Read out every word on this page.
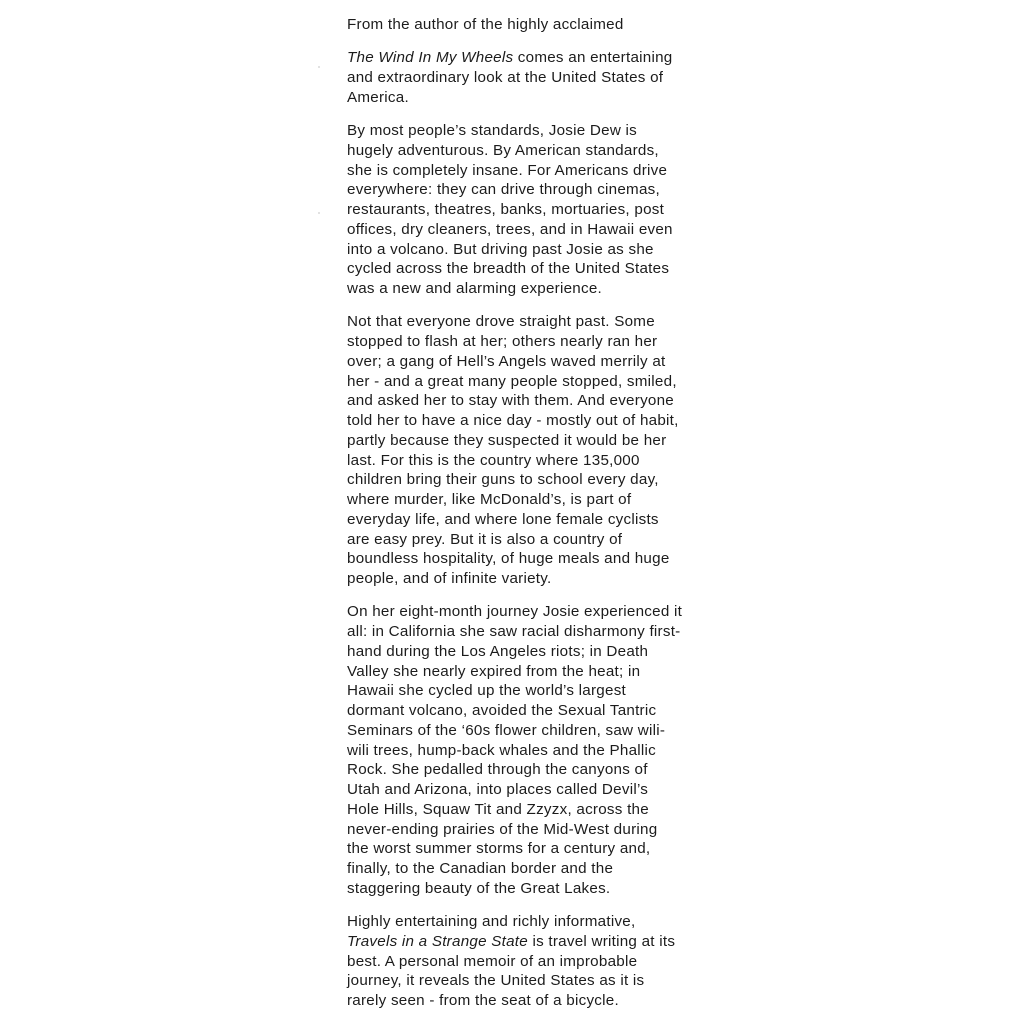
From the author of the highly acclaimed

The Wind In My Wheels comes an entertaining
and extraordinary look at the United States of
America.

By most people’s standards, Josie Dew is
hugely adventurous. By American standards,
she is completely insane. For Americans drive
everywhere: they can drive through cinemas,
restaurants, theatres, banks, mortuaries, post
offices, dry cleaners, trees, and in Hawaii even
into a volcano. But driving past Josie as she
cycled across the breadth of the United States
was a new and alarming experience.

Not that everyone drove straight past. Some
stopped to flash at her; others nearly ran her
over; a gang of Hell’s Angels waved merrily at
her - and a great many people stopped, smiled,
and asked her to stay with them. And everyone
told her to have a nice day - mostly out of habit,
partly because they suspected it would be her
last. For this is the country where 135,000
children bring their guns to school every day,
where murder, like McDonald’s, is part of
everyday life, and where lone female cyclists
are easy prey. But it is also a country of
boundless hospitality, of huge meals and huge
people, and of infinite variety.

On her eight-month journey Josie experienced it
all: in California she saw racial disharmony first-
hand during the Los Angeles riots; in Death
Valley she nearly expired from the heat; in
Hawaii she cycled up the world’s largest
dormant volcano, avoided the Sexual Tantric
Seminars of the ‘60s flower children, saw wili-
wili trees, hump-back whales and the Phallic
Rock. She pedalled through the canyons of
Utah and Arizona, into places called Devil’s
Hole Hills, Squaw Tit and Zzyzx, across the
never-ending prairies of the Mid-West during
the worst summer storms for a century and,
finally, to the Canadian border and the
staggering beauty of the Great Lakes.

Highly entertaining and richly informative,
Travels in a Strange State is travel writing at its
best. A personal memoir of an improbable
journey, it reveals the United States as it is
rarely seen - from the seat of a bicycle.
